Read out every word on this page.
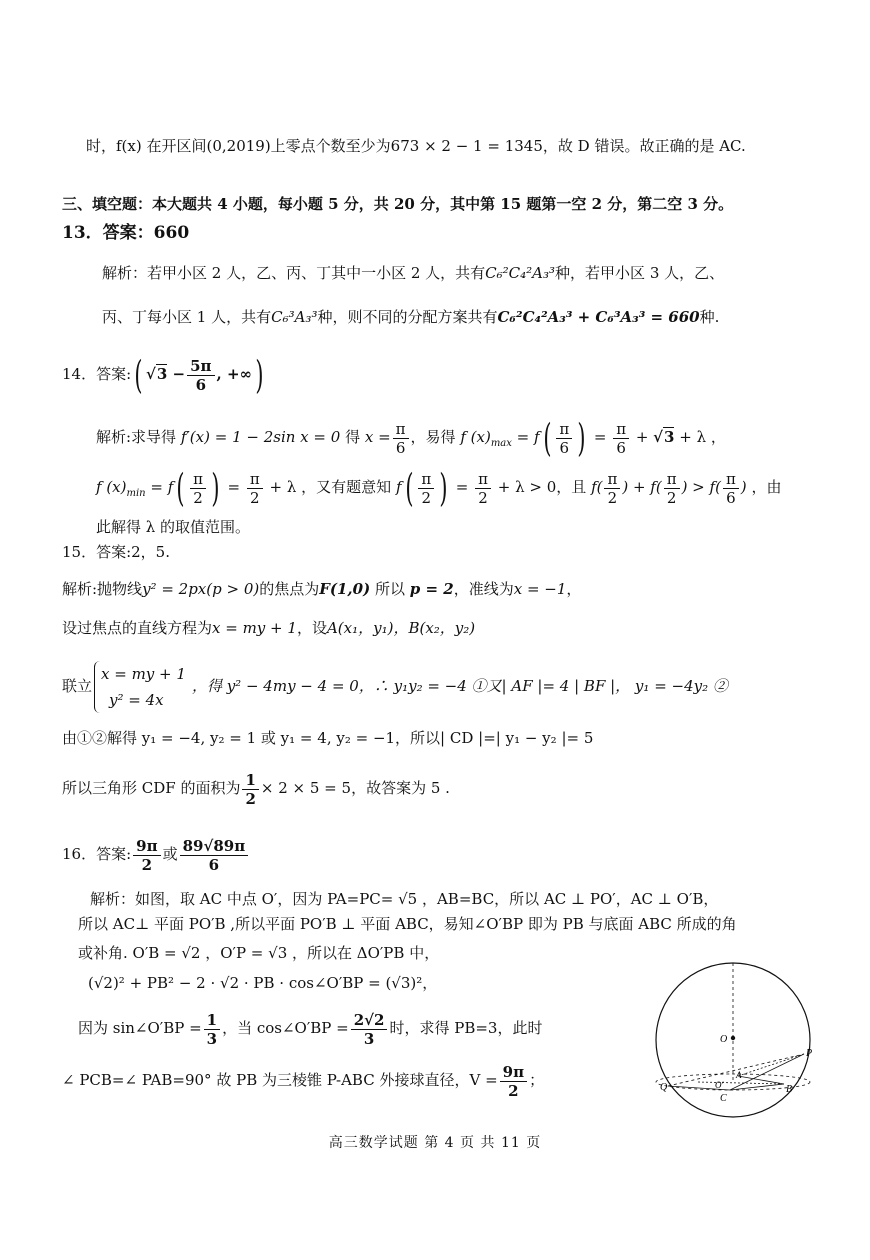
时，f(x) 在开区间(0,2019)上零点个数至少为673 × 2 − 1 = 1345，故 D 错误。故正确的是 AC.
三、填空题：本大题共 4 小题，每小题 5 分，共 20 分，其中第 15 题第一空 2 分，第二空 3 分。
13．答案：660
解析：若甲小区 2 人，乙、丙、丁其中一小区 2 人，共有C₆²C₄²A₃³种，若甲小区 3 人，乙、
丙、丁每小区 1 人，共有C₆³A₃³种，则不同的分配方案共有C₆²C₄²A₃³ + C₆³A₃³ = 660种.
14．答案:( $√3 - \frac{5\pi}{6}$ , +∞)
解析:求导得 f′(x) = 1 − 2sin x = 0 得 $x = \frac{\pi}{6}$ ，易得 f $(x)_{max} = f( \frac{\pi}{6}$ ) = $\frac{\pi}{6} + √3 + \lambda$ ，
f $(x)_{min} = f( \frac{\pi}{2}$ ) = $\frac{\pi}{2} + \lambda$ ，又有题意知 $f( \frac{\pi}{2}$ ) = $\frac{\pi}{2} + \lambda > 0$，且 $f( \frac{\pi}{2}$ ) + $f( \frac{\pi}{2}$ ) > $f( \frac{\pi}{6}$ ) ，由
此解得 λ 的取值范围。
15．答案:2，5.
解析:抛物线y² = 2px(p > 0)的焦点为F(1,0) 所以 p = 2，准线为x = −1，
设过焦点的直线方程为x = my + 1，设A(x₁，y₁)，B(x₂，y₂)
联立
x = my + 1
y² = 4x
，得 y² − 4my − 4 = 0，∴ y₁y₂ = −4 ①又| AF |= 4 | BF |， y₁ = −4y₂ ②
由①②解得 y₁ = −4, y₂ = 1 或 y₁ = 4, y₂ = −1，所以| CD |=| y₁ − y₂ |= 5
所以三角形 CDF 的面积为 $\frac{1}{2} \times 2 \times 5 = 5$，故答案为 5 .
16．答案: $\frac{9\pi}{2}$ 或 $\frac{89√89\pi}{6}$
解析：如图，取 AC 中点 O′，因为 PA=PC= √5 ，AB=BC，所以 AC ⊥ PO′，AC ⊥ O′B，
所以 AC⊥ 平面 PO′B ,所以平面 PO′B ⊥ 平面 ABC，易知∠O′BP 即为 PB 与底面 ABC 所成的角
或补角. O′B = √2 ，O′P = √3 ，所以在 ΔO′PB 中，
(√2)² + PB² − 2 · √2 · PB · cos∠O′BP = (√3)²，
因为 sin∠O′BP = $\frac{1}{3}$ ，当 cos∠O′BP = $\frac{2√2}{3}$ 时，求得 PB=3，此时
∠ PCB=∠ PAB=90° 故 PB 为三棱锥 P-ABC 外接球直径，$V = \frac{9\pi}{2}$ ；
O
P
Q
A
B
C
O′
高三数学试题 第 4 页 共 11 页
